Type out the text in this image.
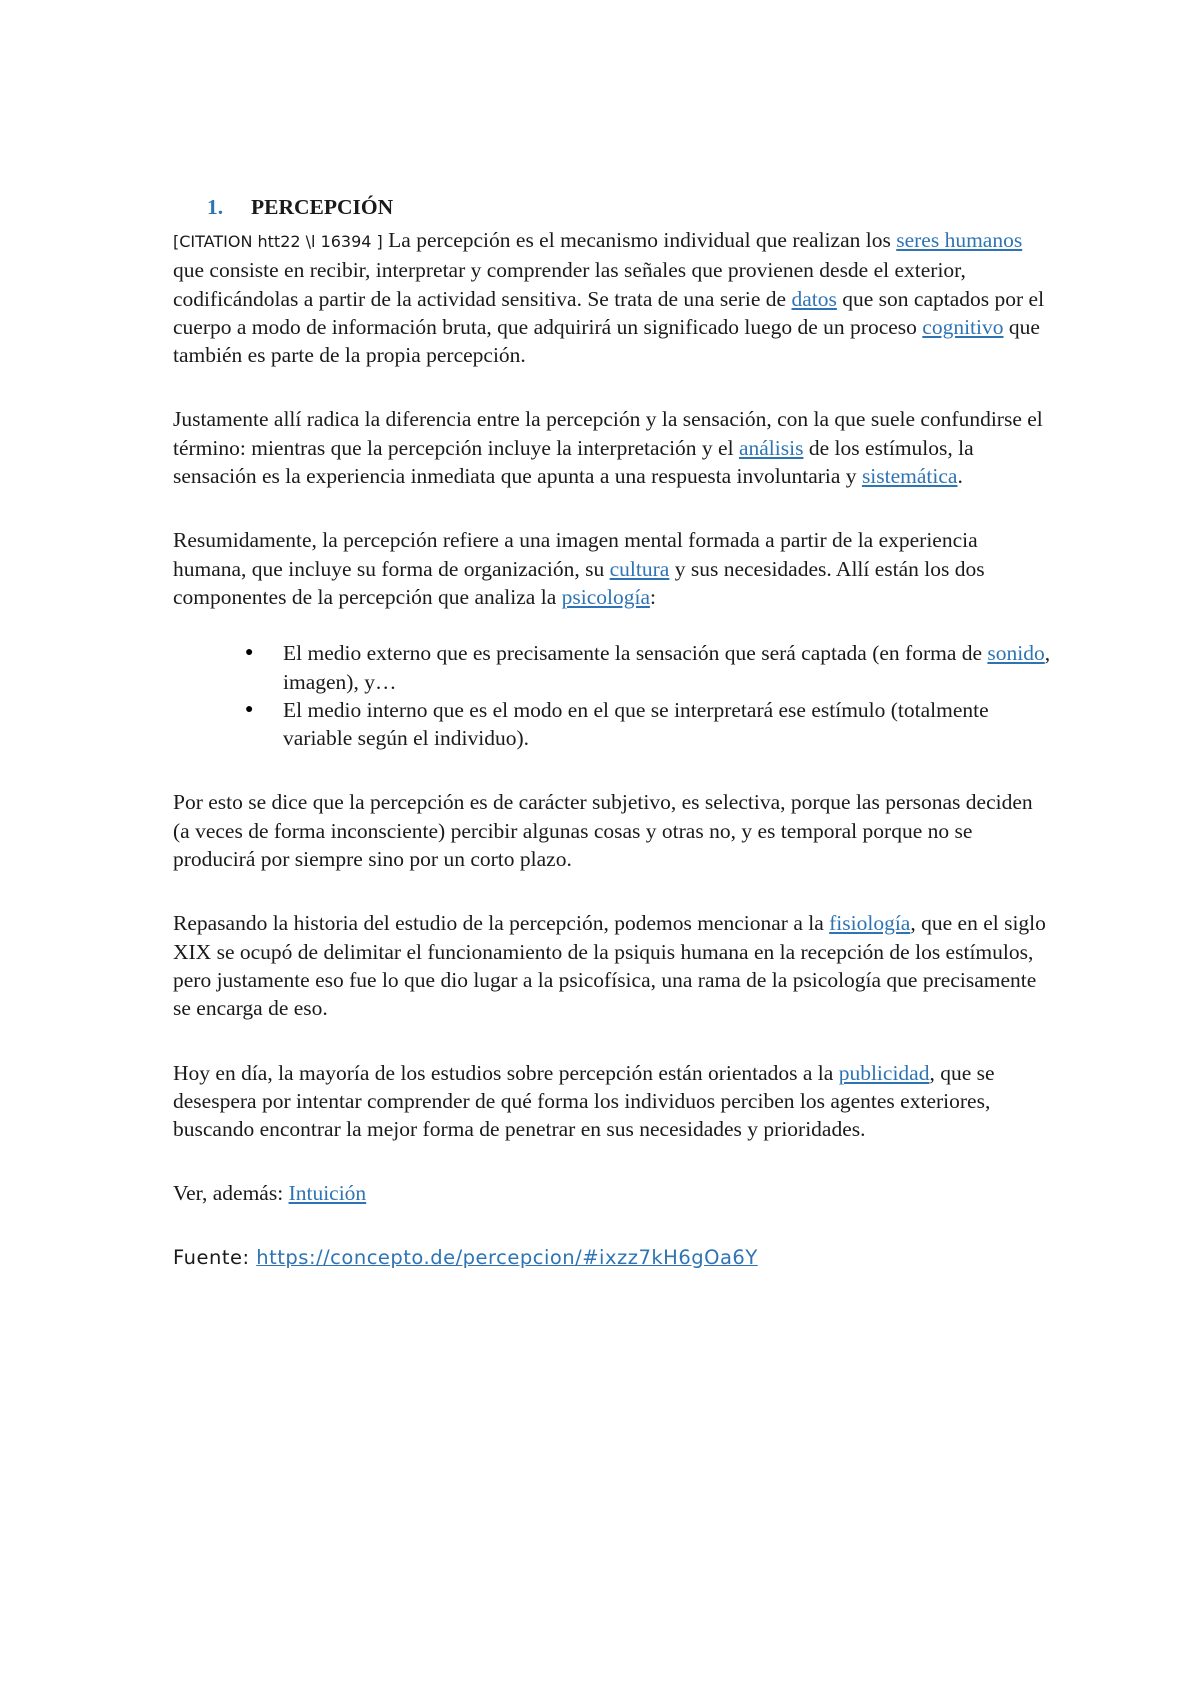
1. PERCEPCIÓN

[CITATION htt22 \l 16394 ] La percepción es el mecanismo individual que realizan los seres humanos que consiste en recibir, interpretar y comprender las señales que provienen desde el exterior, codificándolas a partir de la actividad sensitiva. Se trata de una serie de datos que son captados por el cuerpo a modo de información bruta, que adquirirá un significado luego de un proceso cognitivo que también es parte de la propia percepción.

Justamente allí radica la diferencia entre la percepción y la sensación, con la que suele confundirse el término: mientras que la percepción incluye la interpretación y el análisis de los estímulos, la sensación es la experiencia inmediata que apunta a una respuesta involuntaria y sistemática.

Resumidamente, la percepción refiere a una imagen mental formada a partir de la experiencia humana, que incluye su forma de organización, su cultura y sus necesidades. Allí están los dos componentes de la percepción que analiza la psicología:

● El medio externo que es precisamente la sensación que será captada (en forma de sonido, imagen), y…
● El medio interno que es el modo en el que se interpretará ese estímulo (totalmente variable según el individuo).

Por esto se dice que la percepción es de carácter subjetivo, es selectiva, porque las personas deciden (a veces de forma inconsciente) percibir algunas cosas y otras no, y es temporal porque no se producirá por siempre sino por un corto plazo.

Repasando la historia del estudio de la percepción, podemos mencionar a la fisiología, que en el siglo XIX se ocupó de delimitar el funcionamiento de la psiquis humana en la recepción de los estímulos, pero justamente eso fue lo que dio lugar a la psicofísica, una rama de la psicología que precisamente se encarga de eso.

Hoy en día, la mayoría de los estudios sobre percepción están orientados a la publicidad, que se desespera por intentar comprender de qué forma los individuos perciben los agentes exteriores, buscando encontrar la mejor forma de penetrar en sus necesidades y prioridades.

Ver, además: Intuición

Fuente: https://concepto.de/percepcion/#ixzz7kH6gOa6Y
